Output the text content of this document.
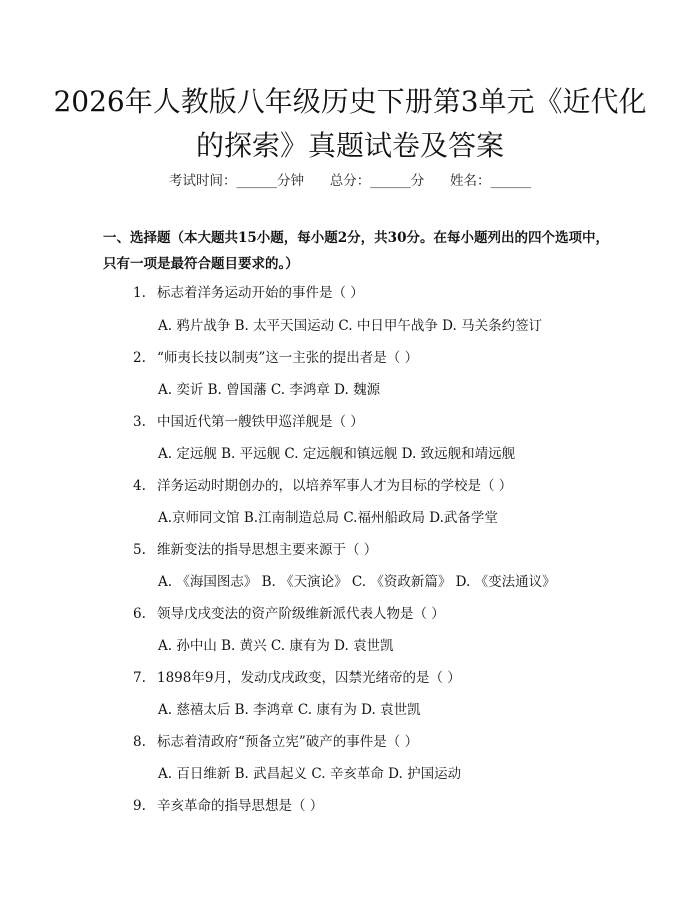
2026年人教版八年级历史下册第3单元《近代化的探索》真题试卷及答案
考试时间：______分钟      总分：______分      姓名：______
一、选择题（本大题共15小题，每小题2分，共30分。在每小题列出的四个选项中，只有一项是最符合题目要求的。）
1. 标志着洋务运动开始的事件是（ ）
A. 鸦片战争 B. 太平天国运动 C. 中日甲午战争 D. 马关条约签订
2. “师夷长技以制夷”这一主张的提出者是（ ）
A. 奕䜣 B. 曾国藩 C. 李鸿章 D. 魏源
3. 中国近代第一艘铁甲巡洋舰是（ ）
A. 定远舰 B. 平远舰 C. 定远舰和镇远舰 D. 致远舰和靖远舰
4. 洋务运动时期创办的，以培养军事人才为目标的学校是（ ）
A.京师同文馆 B.江南制造总局 C.福州船政局 D.武备学堂
5. 维新变法的指导思想主要来源于（ ）
A. 《海国图志》 B. 《天演论》 C. 《资政新篇》 D. 《变法通议》
6. 领导戊戌变法的资产阶级维新派代表人物是（ ）
A. 孙中山 B. 黄兴 C. 康有为 D. 袁世凯
7. 1898年9月，发动戊戌政变，囚禁光绪帝的是（ ）
A. 慈禧太后 B. 李鸿章 C. 康有为 D. 袁世凯
8. 标志着清政府“预备立宪”破产的事件是（ ）
A. 百日维新 B. 武昌起义 C. 辛亥革命 D. 护国运动
9. 辛亥革命的指导思想是（ ）
